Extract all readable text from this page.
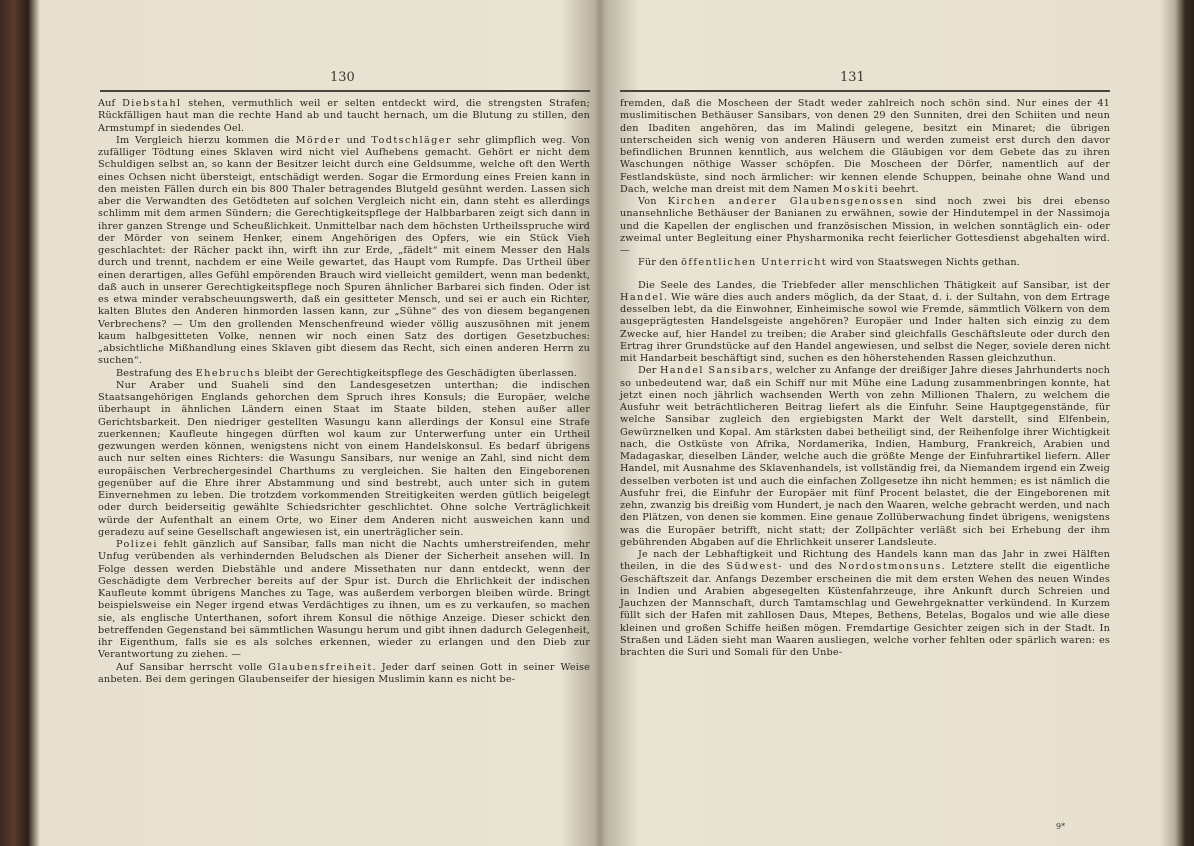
130

Auf Diebstahl stehen, vermuthlich weil er selten entdeckt wird, die strengsten Strafen; Rückfälligen haut man die rechte Hand ab und taucht hernach, um die Blutung zu stillen, den Armstumpf in siedendes Oel.

Im Vergleich hierzu kommen die Mörder und Todtschläger sehr glimpflich weg. Von zufälliger Tödtung eines Sklaven wird nicht viel Aufhebens gemacht. Gehört er nicht dem Schuldigen selbst an, so kann der Besitzer leicht durch eine Geldsumme, welche oft den Werth eines Ochsen nicht übersteigt, entschädigt werden. Sogar die Ermordung eines Freien kann in den meisten Fällen durch ein bis 800 Thaler betragendes Blutgeld gesühnt werden. Lassen sich aber die Verwandten des Getödteten auf solchen Vergleich nicht ein, dann steht es allerdings schlimm mit dem armen Sündern; die Gerechtigkeitspflege der Halbbarbaren zeigt sich dann in ihrer ganzen Strenge und Scheußlichkeit. Unmittelbar nach dem höchsten Urtheilsspruche wird der Mörder von seinem Henker, einem Angehörigen des Opfers, wie ein Stück Vieh geschlachtet: der Rächer packt ihn, wirft ihn zur Erde, „fädelt“ mit einem Messer den Hals durch und trennt, nachdem er eine Weile gewartet, das Haupt vom Rumpfe. Das Urtheil über einen derartigen, alles Gefühl empörenden Brauch wird vielleicht gemildert, wenn man bedenkt, daß auch in unserer Gerechtigkeitspflege noch Spuren ähnlicher Barbarei sich finden. Oder ist es etwa minder verabscheuungswerth, daß ein gesitteter Mensch, und sei er auch ein Richter, kalten Blutes den Anderen hinmorden lassen kann, zur „Sühne“ des von diesem begangenen Verbrechens? — Um den grollenden Menschenfreund wieder völlig auszusöhnen mit jenem kaum halbgesitteten Volke, nennen wir noch einen Satz des dortigen Gesetzbuches: „absichtliche Mißhandlung eines Sklaven gibt diesem das Recht, sich einen anderen Herrn zu suchen“.

Bestrafung des Ehebruchs bleibt der Gerechtigkeitspflege des Geschädigten überlassen.

Nur Araber und Suaheli sind den Landesgesetzen unterthan; die indischen Staatsangehörigen Englands gehorchen dem Spruch ihres Konsuls; die Europäer, welche überhaupt in ähnlichen Ländern einen Staat im Staate bilden, stehen außer aller Gerichtsbarkeit. Den niedriger gestellten Wasungu kann allerdings der Konsul eine Strafe zuerkennen; Kaufleute hingegen dürften wol kaum zur Unterwerfung unter ein Urtheil gezwungen werden können, wenigstens nicht von einem Handelskonsul. Es bedarf übrigens auch nur selten eines Richters: die Wasungu Sansibars, nur wenige an Zahl, sind nicht dem europäischen Verbrechergesindel Charthums zu vergleichen. Sie halten den Eingeborenen gegenüber auf die Ehre ihrer Abstammung und sind bestrebt, auch unter sich in gutem Einvernehmen zu leben. Die trotzdem vorkommenden Streitigkeiten werden gütlich beigelegt oder durch beiderseitig gewählte Schiedsrichter geschlichtet. Ohne solche Verträglichkeit würde der Aufenthalt an einem Orte, wo Einer dem Anderen nicht ausweichen kann und geradezu auf seine Gesellschaft angewiesen ist, ein unerträglicher sein.

Polizei fehlt gänzlich auf Sansibar, falls man nicht die Nachts umherstreifenden, mehr Unfug verübenden als verhindernden Beludschen als Diener der Sicherheit ansehen will. In Folge dessen werden Diebstähle und andere Missethaten nur dann entdeckt, wenn der Geschädigte dem Verbrecher bereits auf der Spur ist. Durch die Ehrlichkeit der indischen Kaufleute kommt übrigens Manches zu Tage, was außerdem verborgen bleiben würde. Bringt beispielsweise ein Neger irgend etwas Verdächtiges zu ihnen, um es zu verkaufen, so machen sie, als englische Unterthanen, sofort ihrem Konsul die nöthige Anzeige. Dieser schickt den betreffenden Gegenstand bei sämmtlichen Wasungu herum und gibt ihnen dadurch Gelegenheit, ihr Eigenthum, falls sie es als solches erkennen, wieder zu erlangen und den Dieb zur Verantwortung zu ziehen. —

Auf Sansibar herrscht volle Glaubensfreiheit. Jeder darf seinen Gott in seiner Weise anbeten. Bei dem geringen Glaubenseifer der hiesigen Muslimin kann es nicht be-

131

fremden, daß die Moscheen der Stadt weder zahlreich noch schön sind. Nur eines der 41 muslimitischen Bethäuser Sansibars, von denen 29 den Sunniten, drei den Schiiten und neun den Ibaditen angehören, das im Malindi gelegene, besitzt ein Minaret; die übrigen unterscheiden sich wenig von anderen Häusern und werden zumeist erst durch den davor befindlichen Brunnen kenntlich, aus welchem die Gläubigen vor dem Gebete das zu ihren Waschungen nöthige Wasser schöpfen. Die Moscheen der Dörfer, namentlich auf der Festlandsküste, sind noch ärmlicher: wir kennen elende Schuppen, beinahe ohne Wand und Dach, welche man dreist mit dem Namen Moskiti beehrt.

Von Kirchen anderer Glaubensgenossen sind noch zwei bis drei ebenso unansehnliche Bethäuser der Banianen zu erwähnen, sowie der Hindutempel in der Nassimoja und die Kapellen der englischen und französischen Mission, in welchen sonntäglich ein- oder zweimal unter Begleitung einer Physharmonika recht feierlicher Gottesdienst abgehalten wird. —

Für den öffentlichen Unterricht wird von Staatswegen Nichts gethan.

Die Seele des Landes, die Triebfeder aller menschlichen Thätigkeit auf Sansibar, ist der Handel. Wie wäre dies auch anders möglich, da der Staat, d. i. der Sultahn, von dem Ertrage desselben lebt, da die Einwohner, Einheimische sowol wie Fremde, sämmtlich Völkern von dem ausgeprägtesten Handelsgeiste angehören? Europäer und Inder halten sich einzig zu dem Zwecke auf, hier Handel zu treiben; die Araber sind gleichfalls Geschäftsleute oder durch den Ertrag ihrer Grundstücke auf den Handel angewiesen, und selbst die Neger, soviele deren nicht mit Handarbeit beschäftigt sind, suchen es den höherstehenden Rassen gleichzuthun.

Der Handel Sansibars, welcher zu Anfange der dreißiger Jahre dieses Jahrhunderts noch so unbedeutend war, daß ein Schiff nur mit Mühe eine Ladung zusammenbringen konnte, hat jetzt einen noch jährlich wachsenden Werth von zehn Millionen Thalern, zu welchem die Ausfuhr weit beträchtlicheren Beitrag liefert als die Einfuhr. Seine Hauptgegenstände, für welche Sansibar zugleich den ergiebigsten Markt der Welt darstellt, sind Elfenbein, Gewürznelken und Kopal. Am stärksten dabei betheiligt sind, der Reihenfolge ihrer Wichtigkeit nach, die Ostküste von Afrika, Nordamerika, Indien, Hamburg, Frankreich, Arabien und Madagaskar, dieselben Länder, welche auch die größte Menge der Einfuhrartikel liefern. Aller Handel, mit Ausnahme des Sklavenhandels, ist vollständig frei, da Niemandem irgend ein Zweig desselben verboten ist und auch die einfachen Zollgesetze ihn nicht hemmen; es ist nämlich die Ausfuhr frei, die Einfuhr der Europäer mit fünf Procent belastet, die der Eingeborenen mit zehn, zwanzig bis dreißig vom Hundert, je nach den Waaren, welche gebracht werden, und nach den Plätzen, von denen sie kommen. Eine genaue Zollüberwachung findet übrigens, wenigstens was die Europäer betrifft, nicht statt; der Zollpächter verläßt sich bei Erhebung der ihm gebührenden Abgaben auf die Ehrlichkeit unserer Landsleute.

Je nach der Lebhaftigkeit und Richtung des Handels kann man das Jahr in zwei Hälften theilen, in die des Südwest- und des Nordostmonsuns. Letztere stellt die eigentliche Geschäftszeit dar. Anfangs Dezember erscheinen die mit dem ersten Wehen des neuen Windes in Indien und Arabien abgesegelten Küstenfahrzeuge, ihre Ankunft durch Schreien und Jauchzen der Mannschaft, durch Tamtamschlag und Gewehrgeknatter verkündend. In Kurzem füllt sich der Hafen mit zahllosen Daus, Mtepes, Bethens, Betelas, Bogalos und wie alle diese kleinen und großen Schiffe heißen mögen. Fremdartige Gesichter zeigen sich in der Stadt. In Straßen und Läden sieht man Waaren ausliegen, welche vorher fehlten oder spärlich waren: es brachten die Suri und Somali für den Unbe-

9*
